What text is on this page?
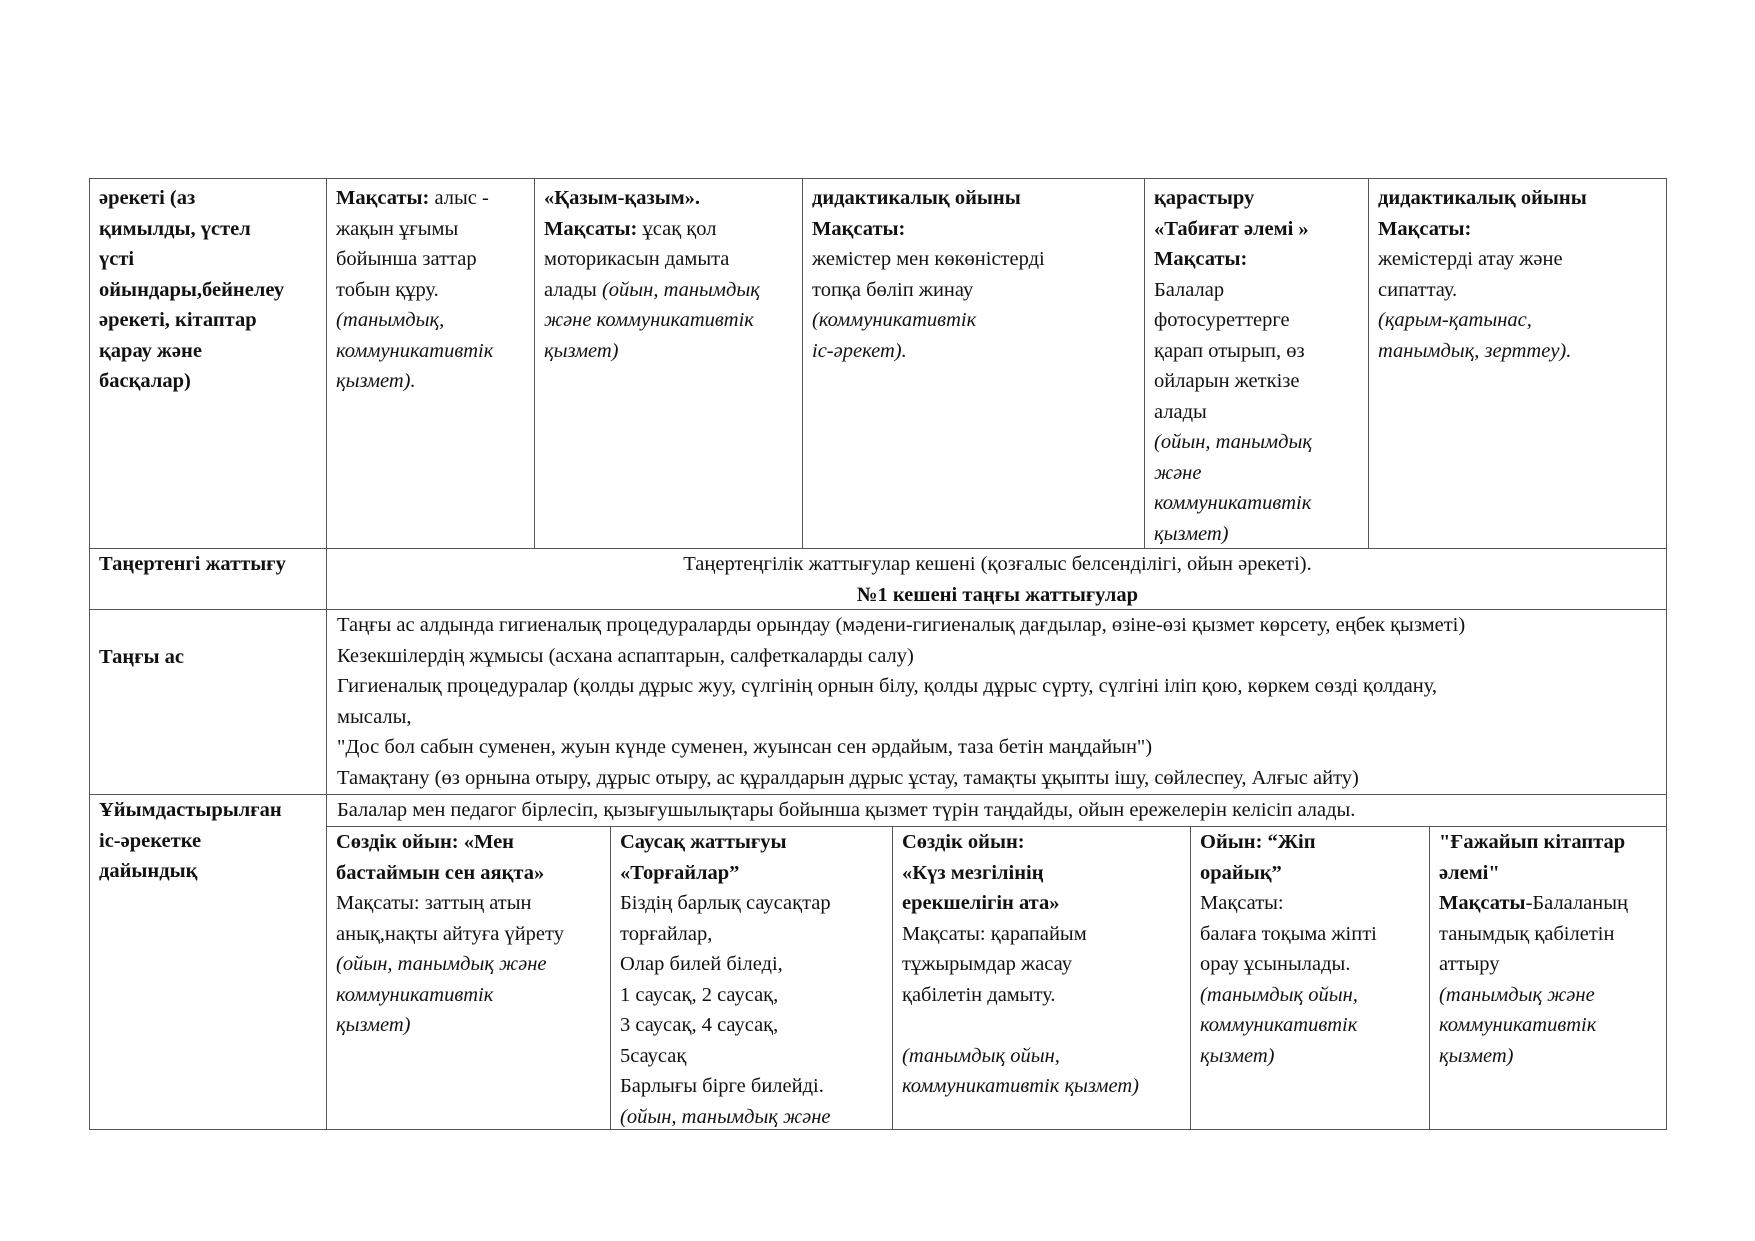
әрекеті (аз
қимылды, үстел
үсті
ойындары,бейнелеу
әрекеті, кітаптар
қарау және
басқалар)
Мақсаты: алыс -
жақын ұғымы
бойынша заттар
тобын құру.
(танымдық,
коммуникативтік
қызмет).
«Қазым-қазым».
Мақсаты: ұсақ қол
моторикасын дамыта
алады (ойын, танымдық
және коммуникативтік
қызмет)
дидактикалық ойыны
Мақсаты:
жемістер мен көкөністерді
топқа бөліп жинау
(коммуникативтік
іс-әрекет).
қарастыру
«Табиғат әлемі »
Мақсаты:
Балалар
фотосуреттерге
қарап отырып, өз
ойларын жеткізе
алады
(ойын, танымдық
және
коммуникативтік
қызмет)
дидактикалық ойыны
Мақсаты:
жемістерді атау және
сипаттау.
(қарым-қатынас,
танымдық, зерттеу).
Таңертенгі жаттығу	Таңертеңгілік жаттығулар кешені (қозғалыс белсенділігі, ойын әрекеті).
№1 кешені таңғы жаттығулар
Таңғы ас
Таңғы ас алдында гигиеналық процедураларды орындау (мәдени-гигиеналық дағдылар, өзіне-өзі қызмет көрсету, еңбек қызметі)
Кезекшілердің жұмысы (асхана аспаптарын, салфеткаларды салу)
Гигиеналық процедуралар (қолды дұрыс жуу, сүлгінің орнын білу, қолды дұрыс сүрту, сүлгіні іліп қою, көркем сөзді қолдану,
мысалы,
"Дос бол сабын суменен, жуын күнде суменен, жуынсан сен әрдайым, таза бетін маңдайын")
Тамақтану (өз орнына отыру, дұрыс отыру, ас құралдарын дұрыс ұстау, тамақты ұқыпты ішу, сөйлеспеу, Алғыс айту)
Ұйымдастырылған
іс-әрекетке
дайындық
Балалар мен педагог бірлесіп, қызығушылықтары бойынша қызмет түрін таңдайды, ойын ережелерін келісіп алады.
Сөздік ойын: «Мен
бастаймын сен аяқта»
Мақсаты: заттың атын
анық,нақты айтуға үйрету
(ойын, танымдық және
коммуникативтік
қызмет)
Саусақ жаттығуы
«Торғайлар”
Біздің барлық саусақтар
торғайлар,
Олар билей біледі,
1 саусақ, 2 саусақ,
3 саусақ, 4 саусақ,
5саусақ
Барлығы бірге билейді.
(ойын, танымдық және
Сөздік ойын:
«Күз мезгілінің
ерекшелігін ата»
Мақсаты: қарапайым
тұжырымдар жасау
қабілетін дамыту.

(танымдық ойын,
коммуникативтік қызмет)
Ойын: “Жіп
орайық”
Мақсаты:
балаға тоқыма жіпті
орау ұсынылады.
(танымдық ойын,
коммуникативтік
қызмет)
"Ғажайып кітаптар
әлемі"
Мақсаты-Балаланың
танымдық қабілетін
аттыру
(танымдық және
коммуникативтік
қызмет)
